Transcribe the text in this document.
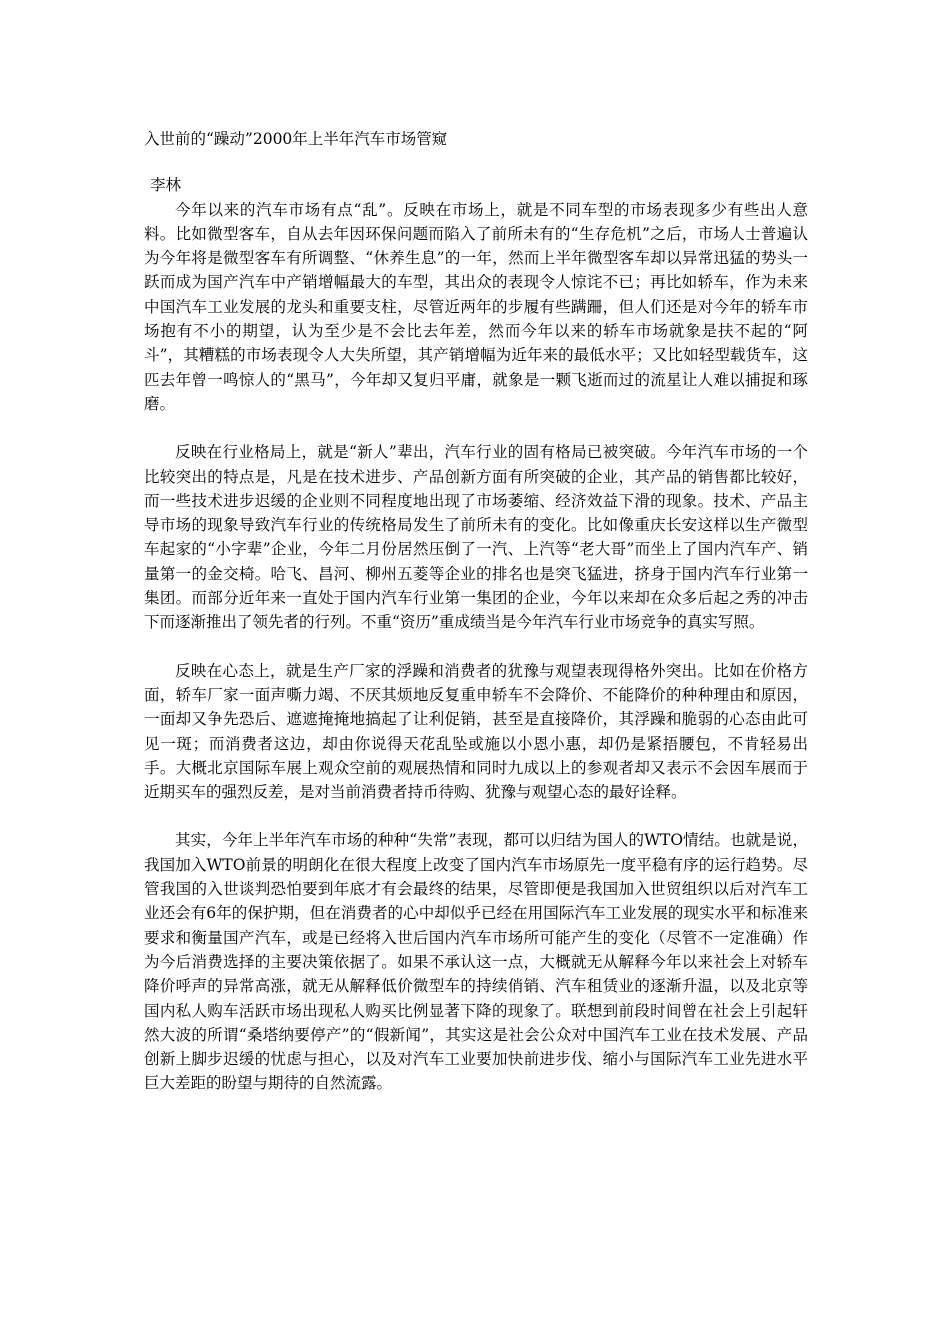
入世前的“躁动”2000年上半年汽车市场管窥

李林

今年以来的汽车市场有点“乱”。反映在市场上，就是不同车型的市场表现多少有些出人意料。比如微型客车，自从去年因环保问题而陷入了前所未有的“生存危机”之后，市场人士普遍认为今年将是微型客车有所调整、“休养生息”的一年，然而上半年微型客车却以异常迅猛的势头一跃而成为国产汽车中产销增幅最大的车型，其出众的表现令人惊诧不已；再比如轿车，作为未来中国汽车工业发展的龙头和重要支柱，尽管近两年的步履有些蹒跚，但人们还是对今年的轿车市场抱有不小的期望，认为至少是不会比去年差，然而今年以来的轿车市场就象是扶不起的“阿斗”，其糟糕的市场表现令人大失所望，其产销增幅为近年来的最低水平；又比如轻型载货车，这匹去年曾一鸣惊人的“黑马”，今年却又复归平庸，就象是一颗飞逝而过的流星让人难以捕捉和琢磨。

反映在行业格局上，就是“新人”辈出，汽车行业的固有格局已被突破。今年汽车市场的一个比较突出的特点是，凡是在技术进步、产品创新方面有所突破的企业，其产品的销售都比较好，而一些技术进步迟缓的企业则不同程度地出现了市场萎缩、经济效益下滑的现象。技术、产品主导市场的现象导致汽车行业的传统格局发生了前所未有的变化。比如像重庆长安这样以生产微型车起家的“小字辈”企业，今年二月份居然压倒了一汽、上汽等“老大哥”而坐上了国内汽车产、销量第一的金交椅。哈飞、昌河、柳州五菱等企业的排名也是突飞猛进，挤身于国内汽车行业第一集团。而部分近年来一直处于国内汽车行业第一集团的企业，今年以来却在众多后起之秀的冲击下而逐渐推出了领先者的行列。不重“资历”重成绩当是今年汽车行业市场竞争的真实写照。

反映在心态上，就是生产厂家的浮躁和消费者的犹豫与观望表现得格外突出。比如在价格方面，轿车厂家一面声嘶力竭、不厌其烦地反复重申轿车不会降价、不能降价的种种理由和原因，一面却又争先恐后、遮遮掩掩地搞起了让利促销，甚至是直接降价，其浮躁和脆弱的心态由此可见一斑；而消费者这边，却由你说得天花乱坠或施以小恩小惠，却仍是紧捂腰包，不肯轻易出手。大概北京国际车展上观众空前的观展热情和同时九成以上的参观者却又表示不会因车展而于近期买车的强烈反差，是对当前消费者持币待购、犹豫与观望心态的最好诠释。

其实，今年上半年汽车市场的种种“失常”表现，都可以归结为国人的WTO情结。也就是说，我国加入WTO前景的明朗化在很大程度上改变了国内汽车市场原先一度平稳有序的运行趋势。尽管我国的入世谈判恐怕要到年底才有会最终的结果，尽管即便是我国加入世贸组织以后对汽车工业还会有6年的保护期，但在消费者的心中却似乎已经在用国际汽车工业发展的现实水平和标准来要求和衡量国产汽车，或是已经将入世后国内汽车市场所可能产生的变化（尽管不一定准确）作为今后消费选择的主要决策依据了。如果不承认这一点，大概就无从解释今年以来社会上对轿车降价呼声的异常高涨，就无从解释低价微型车的持续俏销、汽车租赁业的逐渐升温，以及北京等国内私人购车活跃市场出现私人购买比例显著下降的现象了。联想到前段时间曾在社会上引起轩然大波的所谓“桑塔纳要停产”的“假新闻”，其实这是社会公众对中国汽车工业在技术发展、产品创新上脚步迟缓的忧虑与担心，以及对汽车工业要加快前进步伐、缩小与国际汽车工业先进水平巨大差距的盼望与期待的自然流露。
